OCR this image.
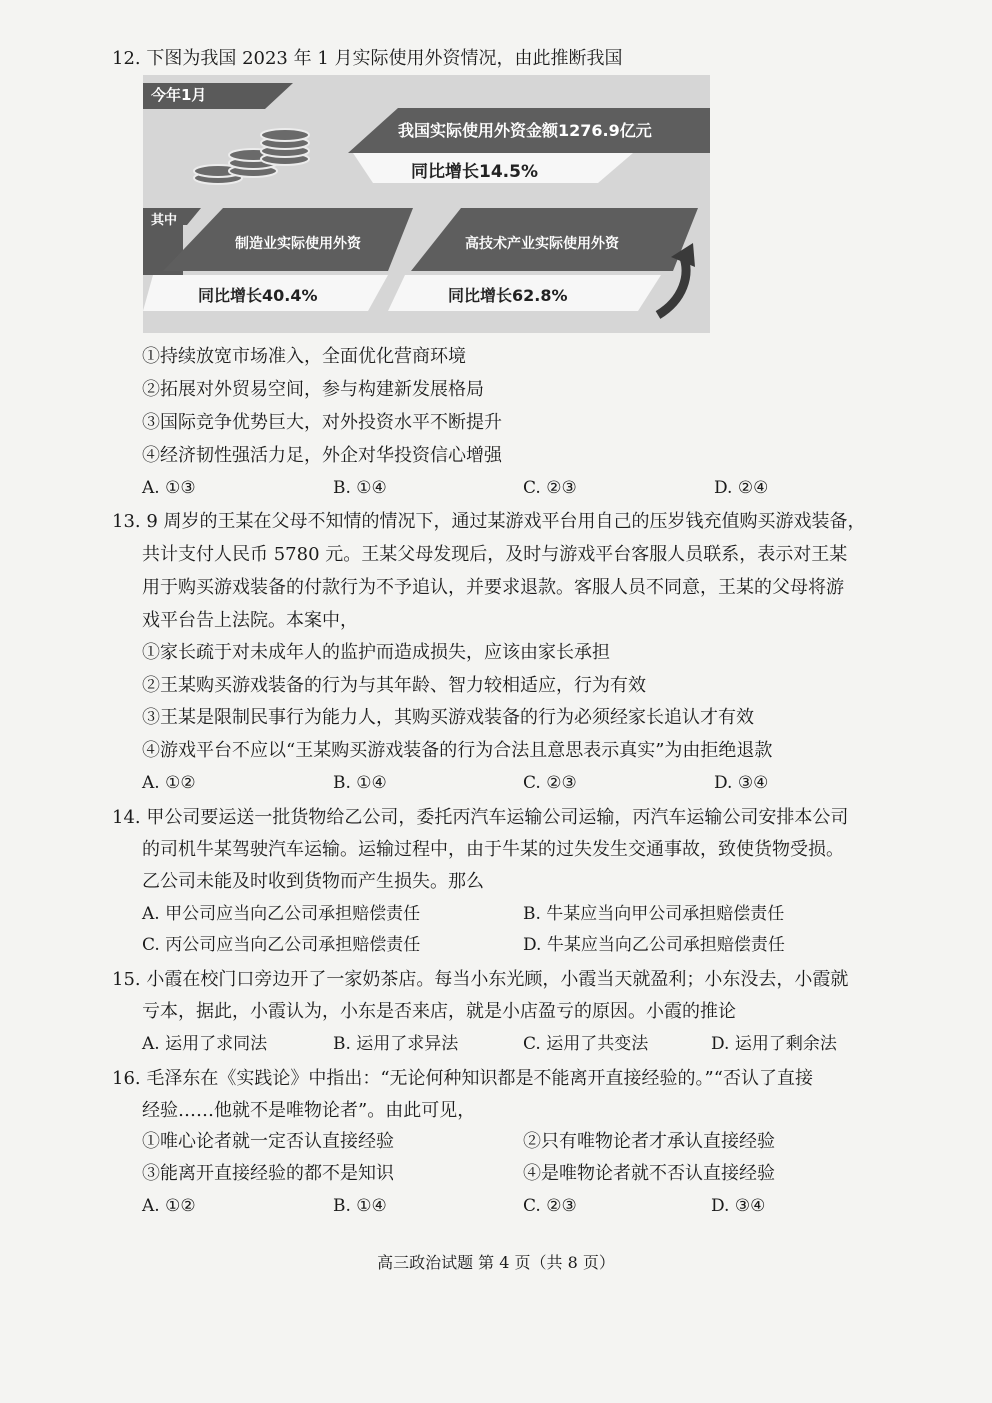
12. 下图为我国 2023 年 1 月实际使用外资情况，由此推断我国
今年1月
我国实际使用外资金额1276.9亿元
同比增长14.5%
其中
制造业实际使用外资
同比增长40.4%
高技术产业实际使用外资
同比增长62.8%
①持续放宽市场准入，全面优化营商环境
②拓展对外贸易空间，参与构建新发展格局
③国际竞争优势巨大，对外投资水平不断提升
④经济韧性强活力足，外企对华投资信心增强
A. ①③	B. ①④	C. ②③	D. ②④
13. 9 周岁的王某在父母不知情的情况下，通过某游戏平台用自己的压岁钱充值购买游戏装备，
共计支付人民币 5780 元。王某父母发现后，及时与游戏平台客服人员联系，表示对王某
用于购买游戏装备的付款行为不予追认，并要求退款。客服人员不同意，王某的父母将游
戏平台告上法院。本案中，
①家长疏于对未成年人的监护而造成损失，应该由家长承担
②王某购买游戏装备的行为与其年龄、智力较相适应，行为有效
③王某是限制民事行为能力人，其购买游戏装备的行为必须经家长追认才有效
④游戏平台不应以“王某购买游戏装备的行为合法且意思表示真实”为由拒绝退款
A. ①②	B. ①④	C. ②③	D. ③④
14. 甲公司要运送一批货物给乙公司，委托丙汽车运输公司运输，丙汽车运输公司安排本公司
的司机牛某驾驶汽车运输。运输过程中，由于牛某的过失发生交通事故，致使货物受损。
乙公司未能及时收到货物而产生损失。那么
A. 甲公司应当向乙公司承担赔偿责任	B. 牛某应当向甲公司承担赔偿责任
C. 丙公司应当向乙公司承担赔偿责任	D. 牛某应当向乙公司承担赔偿责任
15. 小霞在校门口旁边开了一家奶茶店。每当小东光顾，小霞当天就盈利；小东没去，小霞就
亏本，据此，小霞认为，小东是否来店，就是小店盈亏的原因。小霞的推论
A. 运用了求同法	B. 运用了求异法	C. 运用了共变法	D. 运用了剩余法
16. 毛泽东在《实践论》中指出：“无论何种知识都是不能离开直接经验的。”“否认了直接
经验……他就不是唯物论者”。由此可见，
①唯心论者就一定否认直接经验	②只有唯物论者才承认直接经验
③能离开直接经验的都不是知识	④是唯物论者就不否认直接经验
A. ①②	B. ①④	C. ②③	D. ③④
高三政治试题 第 4 页（共 8 页）
